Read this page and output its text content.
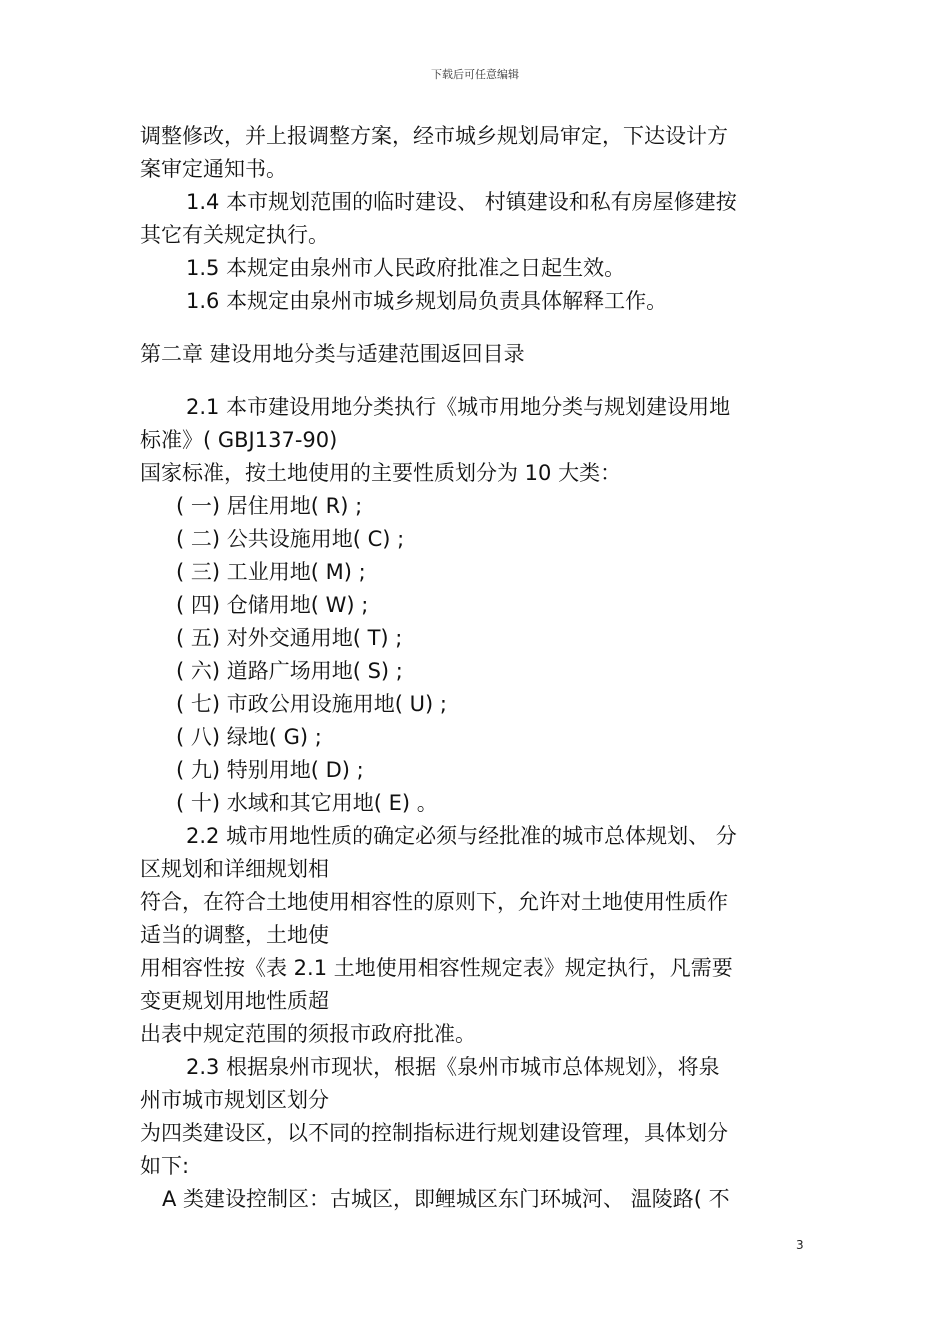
下载后可任意编辑
调整修改，并上报调整方案，经市城乡规划局审定，下达设计方
案审定通知书。
1.4 本市规划范围的临时建设、 村镇建设和私有房屋修建按
其它有关规定执行。
1.5 本规定由泉州市人民政府批准之日起生效。
1.6 本规定由泉州市城乡规划局负责具体解释工作。
第二章 建设用地分类与适建范围返回目录
2.1 本市建设用地分类执行《城市用地分类与规划建设用地
标准》( GBJ137-90)
国家标准，按土地使用的主要性质划分为 10 大类：
( 一) 居住用地( R) ;
( 二) 公共设施用地( C) ;
( 三) 工业用地( M) ;
( 四) 仓储用地( W) ;
( 五) 对外交通用地( T) ;
( 六) 道路广场用地( S) ;
( 七) 市政公用设施用地( U) ;
( 八) 绿地( G) ;
( 九) 特别用地( D) ;
( 十) 水域和其它用地( E) 。
2.2 城市用地性质的确定必须与经批准的城市总体规划、 分
区规划和详细规划相
符合，在符合土地使用相容性的原则下，允许对土地使用性质作
适当的调整，土地使
用相容性按《表 2.1 土地使用相容性规定表》规定执行，凡需要
变更规划用地性质超
出表中规定范围的须报市政府批准。
2.3 根据泉州市现状，根据《泉州市城市总体规划》，将泉
州市城市规划区划分
为四类建设区，以不同的控制指标进行规划建设管理，具体划分
如下:
A 类建设控制区：古城区，即鲤城区东门环城河、 温陵路( 不
3
